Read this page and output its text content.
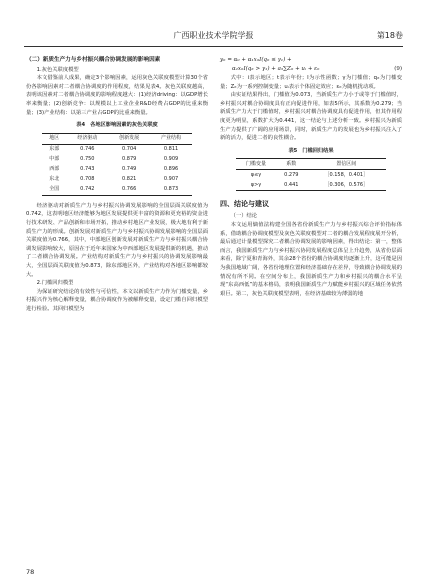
广西职业技术学院学报	第18卷
（二）新质生产力与乡村振兴耦合协调发展的影响因素
1.灰色关联度模型

本文借鉴前人成果，确定3个影响因素，运用灰色关联度模型计算30个省份各影响因素对二者耦合协调度的作用程度，结果见表4。灰色关联度越高，表明该因素对二者耦合协调度的影响程度越大：(1)经济driving：以GDP增长率来衡量；(2)创新竞争：以规模以上工业企业R&D经费占GDP的比重来衡量；(3)产业结构：以第三产业占GDP的比重来衡量。

表4　各地区影响因素的灰色关联度
地区	经济驱动	创新发展	产业结构
东部	0.746	0.704	0.811
中部	0.750	0.879	0.909
西部	0.743	0.749	0.896
东北	0.708	0.821	0.907
全国	0.742	0.766	0.873

经济驱动对新质生产力与乡村振兴协调发展影响的全国层面关联度值为0.742，这表明地区经济能够为地区发展提供更丰富的资源和更充裕的资金进行技术研发、产品创新和市场开拓，推动乡村地区产业发展，极大地有利于新质生产力的形成。创新发展对新质生产力与乡村振兴协调发展影响的全国层面关联度值为0.766，其中，中部地区创新发展对新质生产力与乡村振兴耦合协调发展影响较大，原因在于近年来国家为中西部地区发展提供新的机遇，推动了二者耦合协调发展。产业结构对新质生产力与乡村振兴的协调发展影响最大，全国层面关联度值为0.873，除东部地区外，产业结构对各地区影响都较大。

2.门槛回归模型

为保证研究结论的有效性与可信性，本文以新质生产力作为门槛变量，乡村振兴作为核心解释变量，耦合协调度作为被解释变量，设定门槛自回归模型进行检验。其回归模型为

yᵢₜ = α₀ + α₁xᵢₜI(qᵢₜ ≤ γ₁) +
α₂xᵢₜI(qᵢₜ > γ₁) + a₃∑Zᵢₜ + uᵢ + εᵢₜ	(9)

式中：i表示地区；t表示年份；I为示性函数；γ为门槛值；qᵢₜ为门槛变量；Zᵢₜ为一系列控制变量；uᵢ表示个体固定效应；εᵢₜ为随机扰动项。

由实证结果得出，门槛值为0.073，当新质生产力小于或等于门槛值时，乡村振兴对耦合协调度具有正向促进作用，如表5所示，其系数为0.279；当新质生产力大于门槛值时，乡村振兴对耦合协调度具有促进作用，但其作用程度更为明显，系数扩大为0.441，这一结论与上述分析一致。乡村振兴为新质生产力提供了广阔的应用场景，同时，新质生产力的发展也为乡村振兴注入了新的活力，促进二者的良性耦合。

表5　门槛回归结果
门槛变量	系数	置信区间
φ≤γ	0.279	［0.158，0.401］
φ>γ	0.441	［0.306，0.576］
四、结论与建议
（一）结论

本文运用熵值法构建全国各省份新质生产力与乡村振兴综合评价指标体系，借助耦合协调度模型及灰色关联度模型对二者的耦合发展程度展开分析，最后通过计量模型探究二者耦合协调发展的影响因素，得出结论：第一，整体而言，我国新质生产力与乡村振兴协同发展程度总体呈上升趋势，从省份层面来看，除宁夏和青海外，其余28个省份的耦合协调度均逐渐上升，这可能是因为我国地域广阔，各省份地理位置和经济基础存在差异，导致耦合协调发展的情况有所不同。在空间分布上，我国新质生产力和乡村振兴的耦合水平呈现“东高西低”的基本格局，表明我国新质生产力赋能乡村振兴的区域任务依然艰巨。第二，灰色关联度模型表明，在经济基础较为薄弱的地

78
